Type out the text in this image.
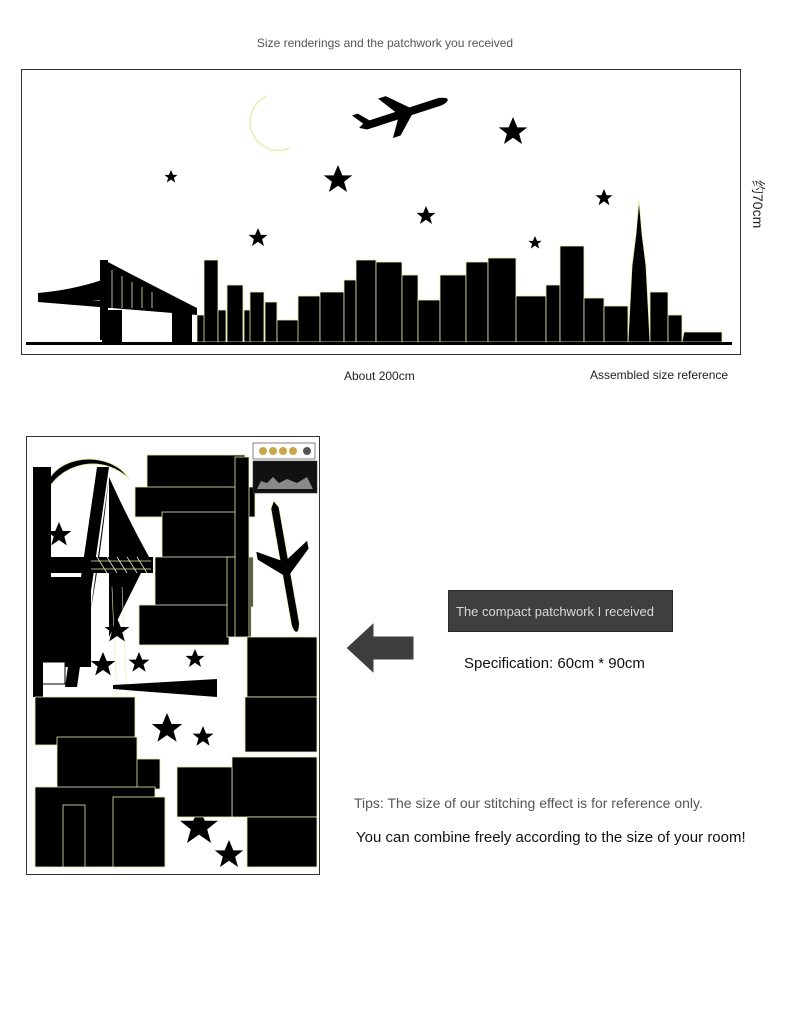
Size renderings and the patchwork you received
约70cm
About 200cm	Assembled size reference
The compact patchwork I received
Specification: 60cm * 90cm
Tips: The size of our stitching effect is for reference only.
You can combine freely according to the size of your room!
